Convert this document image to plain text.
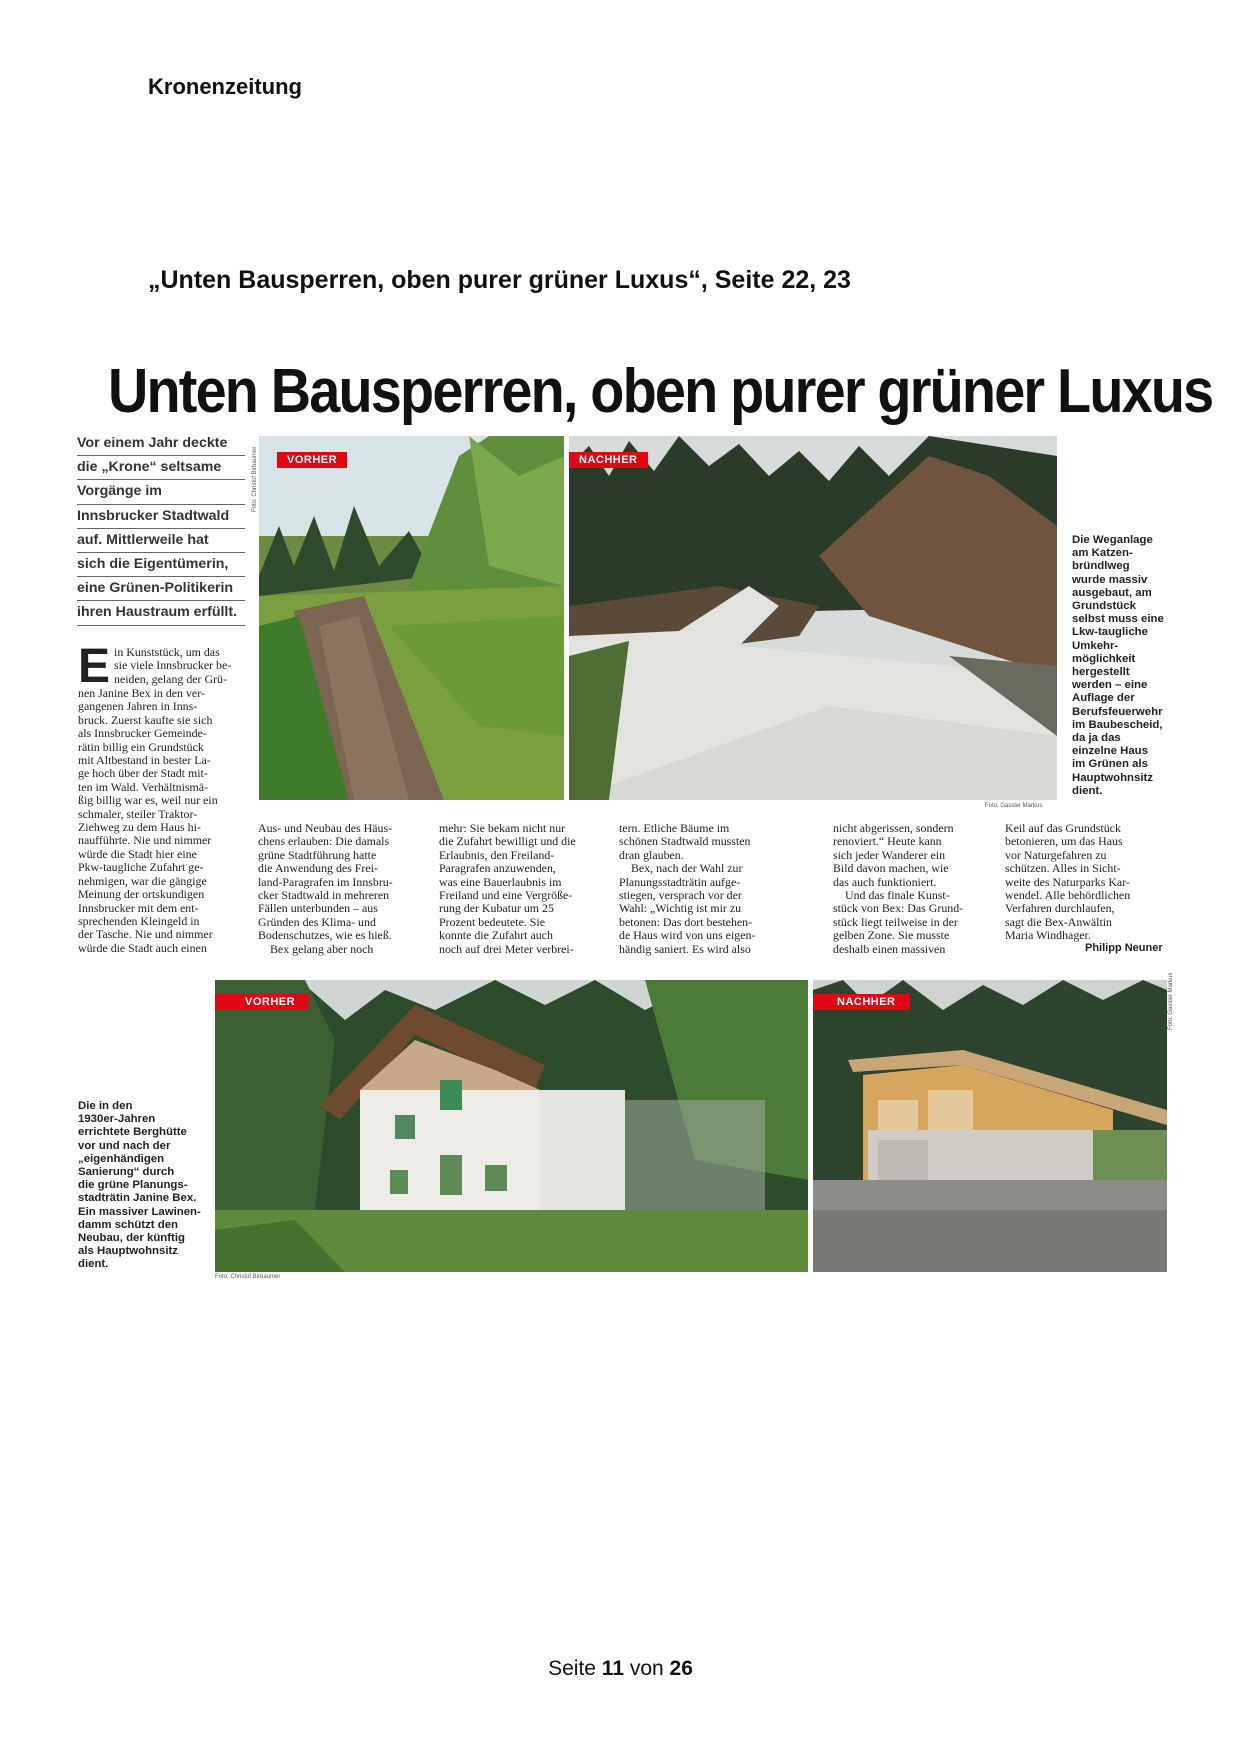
Kronenzeitung
„Unten Bausperren, oben purer grüner Luxus“, Seite 22, 23
Unten Bausperren, oben purer grüner Luxus
Vor einem Jahr deckte
die „Krone“ seltsame
Vorgänge im
Innsbrucker Stadtwald
auf. Mittlerweile hat
sich die Eigentümerin,
eine Grünen-Politikerin
ihren Haustraum erfüllt.
VORHER
Foto: Christof Birbaumer	NACHHER
Foto: Gassler Markus
Die Weganlage
am Katzen-
bründlweg
wurde massiv
ausgebaut, am
Grundstück
selbst muss eine
Lkw-taugliche
Umkehr-
möglichkeit
hergestellt
werden – eine
Auflage der
Berufsfeuerwehr
im Baubescheid,
da ja das
einzelne Haus
im Grünen als
Hauptwohnsitz
dient.
E in Kunststück, um das
sie viele Innsbrucker be-
neiden, gelang der Grü-
nen Janine Bex in den ver-
gangenen Jahren in Inns-
bruck. Zuerst kaufte sie sich
als Innsbrucker Gemeinde-
rätin billig ein Grundstück
mit Altbestand in bester La-
ge hoch über der Stadt mit-
ten im Wald. Verhältnismä-
ßig billig war es, weil nur ein
schmaler, steiler Traktor-
Ziehweg zu dem Haus hi-
naufführte. Nie und nimmer
würde die Stadt hier eine
Pkw-taugliche Zufahrt ge-
nehmigen, war die gängige
Meinung der ortskundigen
Innsbrucker mit dem ent-
sprechenden Kleingeld in
der Tasche. Nie und nimmer
würde die Stadt auch einen
Aus- und Neubau des Häus-
chens erlauben: Die damals
grüne Stadtführung hatte
die Anwendung des Frei-
land-Paragrafen im Innsbru-
cker Stadtwald in mehreren
Fällen unterbunden – aus
Gründen des Klima- und
Bodenschutzes, wie es hieß.
Bex gelang aber noch
mehr: Sie bekam nicht nur
die Zufahrt bewilligt und die
Erlaubnis, den Freiland-
Paragrafen anzuwenden,
was eine Bauerlaubnis im
Freiland und eine Vergröße-
rung der Kubatur um 25
Prozent bedeutete. Sie
konnte die Zufahrt auch
noch auf drei Meter verbrei-
tern. Etliche Bäume im
schönen Stadtwald mussten
dran glauben.
Bex, nach der Wahl zur
Planungsstadträtin aufge-
stiegen, versprach vor der
Wahl: „Wichtig ist mir zu
betonen: Das dort bestehen-
de Haus wird von uns eigen-
händig saniert. Es wird also
nicht abgerissen, sondern
renoviert.“ Heute kann
sich jeder Wanderer ein
Bild davon machen, wie
das auch funktioniert.
Und das finale Kunst-
stück von Bex: Das Grund-
stück liegt teilweise in der
gelben Zone. Sie musste
deshalb einen massiven
Keil auf das Grundstück
betonieren, um das Haus
vor Naturgefahren zu
schützen. Alles in Sicht-
weite des Naturparks Kar-
wendel. Alle behördlichen
Verfahren durchlaufen,
sagt die Bex-Anwältin
Maria Windhager.
Philipp Neuner
VORHER
Foto: Christof Birbaumer
NACHHER	Foto: Gassler Markus
Die in den
1930er-Jahren
errichtete Berghütte
vor und nach der
„eigenhändigen
Sanierung“ durch
die grüne Planungs-
stadträtin Janine Bex.
Ein massiver Lawinen-
damm schützt den
Neubau, der künftig
als Hauptwohnsitz
dient.
Seite 11 von 26
